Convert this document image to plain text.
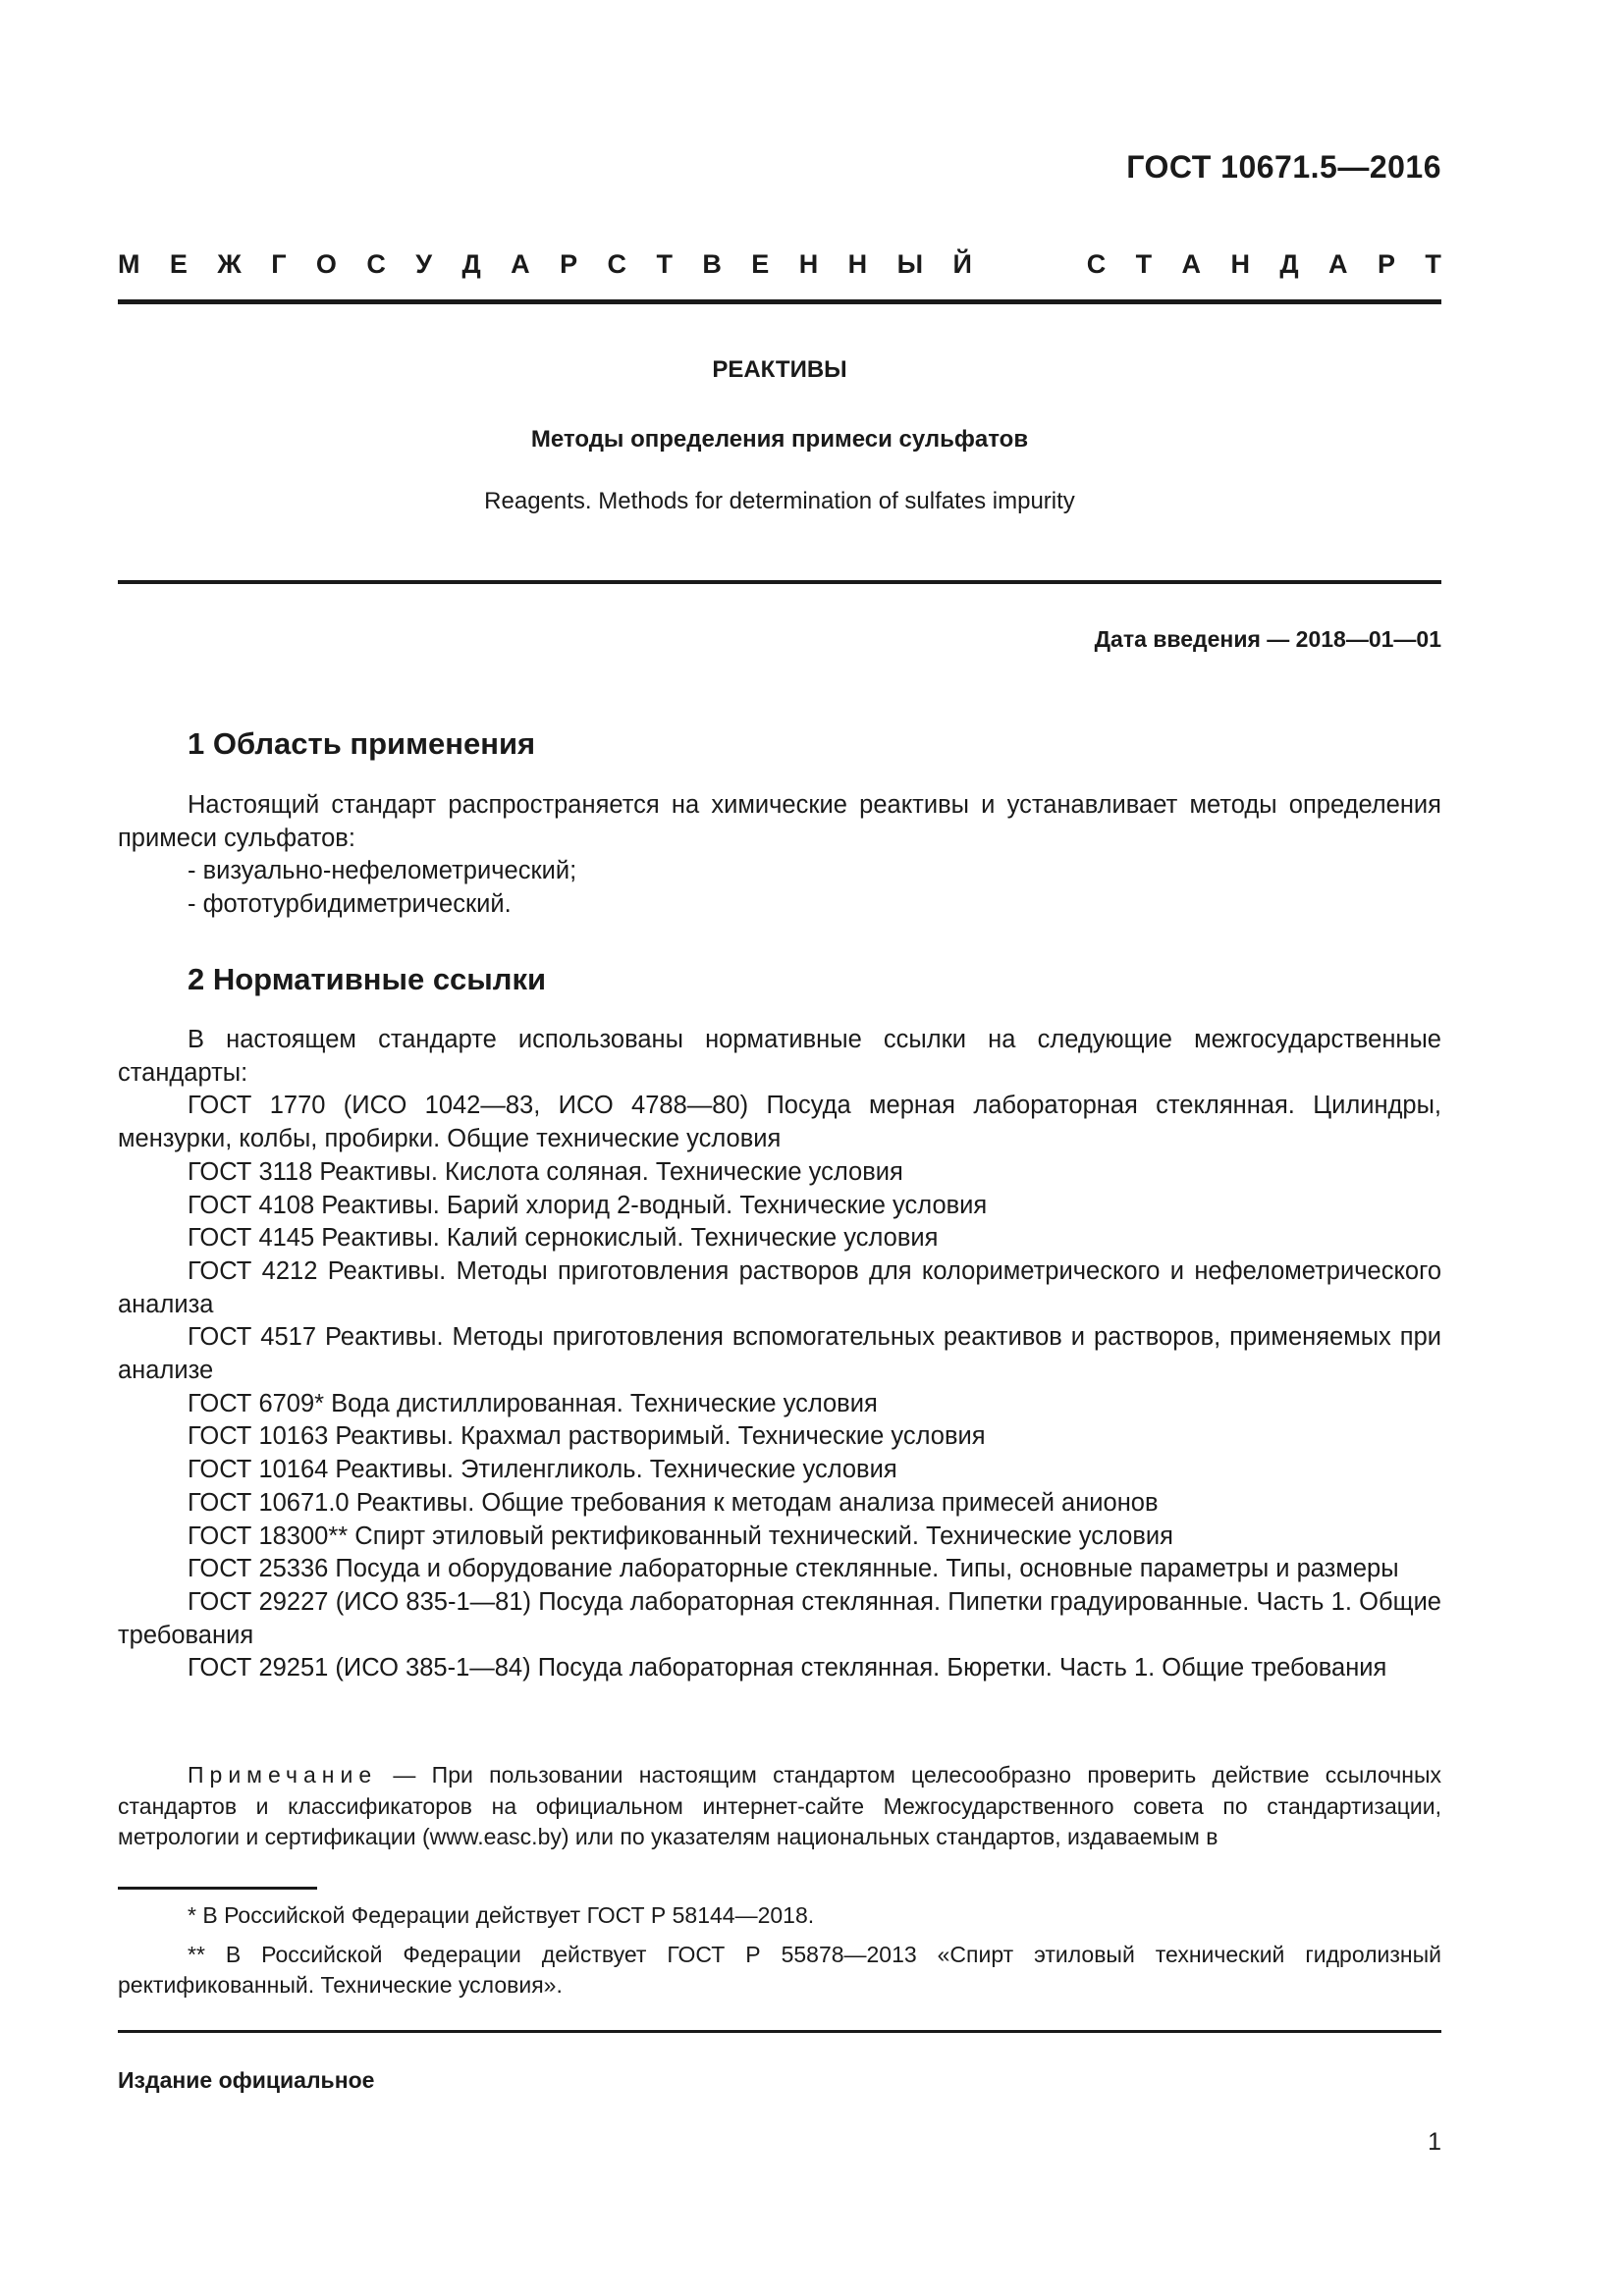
ГОСТ 10671.5—2016
М Е Ж Г О С У Д А Р С Т В Е Н Н Ы Й	С Т А Н Д А Р Т
РЕАКТИВЫ
Методы определения примеси сульфатов
Reagents. Methods for determination of sulfates impurity
Дата введения — 2018—01—01
1 Область применения

Настоящий стандарт распространяется на химические реактивы и устанавливает методы определения примеси сульфатов:

- визуально-нефелометрический;

- фототурбидиметрический.

2 Нормативные ссылки

В настоящем стандарте использованы нормативные ссылки на следующие межгосударственные стандарты:

ГОСТ 1770 (ИСО 1042—83, ИСО 4788—80) Посуда мерная лабораторная стеклянная. Цилиндры, мензурки, колбы, пробирки. Общие технические условия

ГОСТ 3118 Реактивы. Кислота соляная. Технические условия

ГОСТ 4108 Реактивы. Барий хлорид 2-водный. Технические условия

ГОСТ 4145 Реактивы. Калий сернокислый. Технические условия

ГОСТ 4212 Реактивы. Методы приготовления растворов для колориметрического и нефелометрического анализа

ГОСТ 4517 Реактивы. Методы приготовления вспомогательных реактивов и растворов, применяемых при анализе

ГОСТ 6709* Вода дистиллированная. Технические условия

ГОСТ 10163 Реактивы. Крахмал растворимый. Технические условия

ГОСТ 10164 Реактивы. Этиленгликоль. Технические условия

ГОСТ 10671.0 Реактивы. Общие требования к методам анализа примесей анионов

ГОСТ 18300** Спирт этиловый ректификованный технический. Технические условия

ГОСТ 25336 Посуда и оборудование лабораторные стеклянные. Типы, основные параметры и размеры

ГОСТ 29227 (ИСО 835-1—81) Посуда лабораторная стеклянная. Пипетки градуированные. Часть 1. Общие требования

ГОСТ 29251 (ИСО 385-1—84) Посуда лабораторная стеклянная. Бюретки. Часть 1. Общие требования

Примечание — При пользовании настоящим стандартом целесообразно проверить действие ссылочных стандартов и классификаторов на официальном интернет-сайте Межгосударственного совета по стандартизации, метрологии и сертификации (www.easc.by) или по указателям национальных стандартов, издаваемым в

* В Российской Федерации действует ГОСТ Р 58144—2018.

** В Российской Федерации действует ГОСТ Р 55878—2013 «Спирт этиловый технический гидролизный ректификованный. Технические условия».

Издание официальное
1
